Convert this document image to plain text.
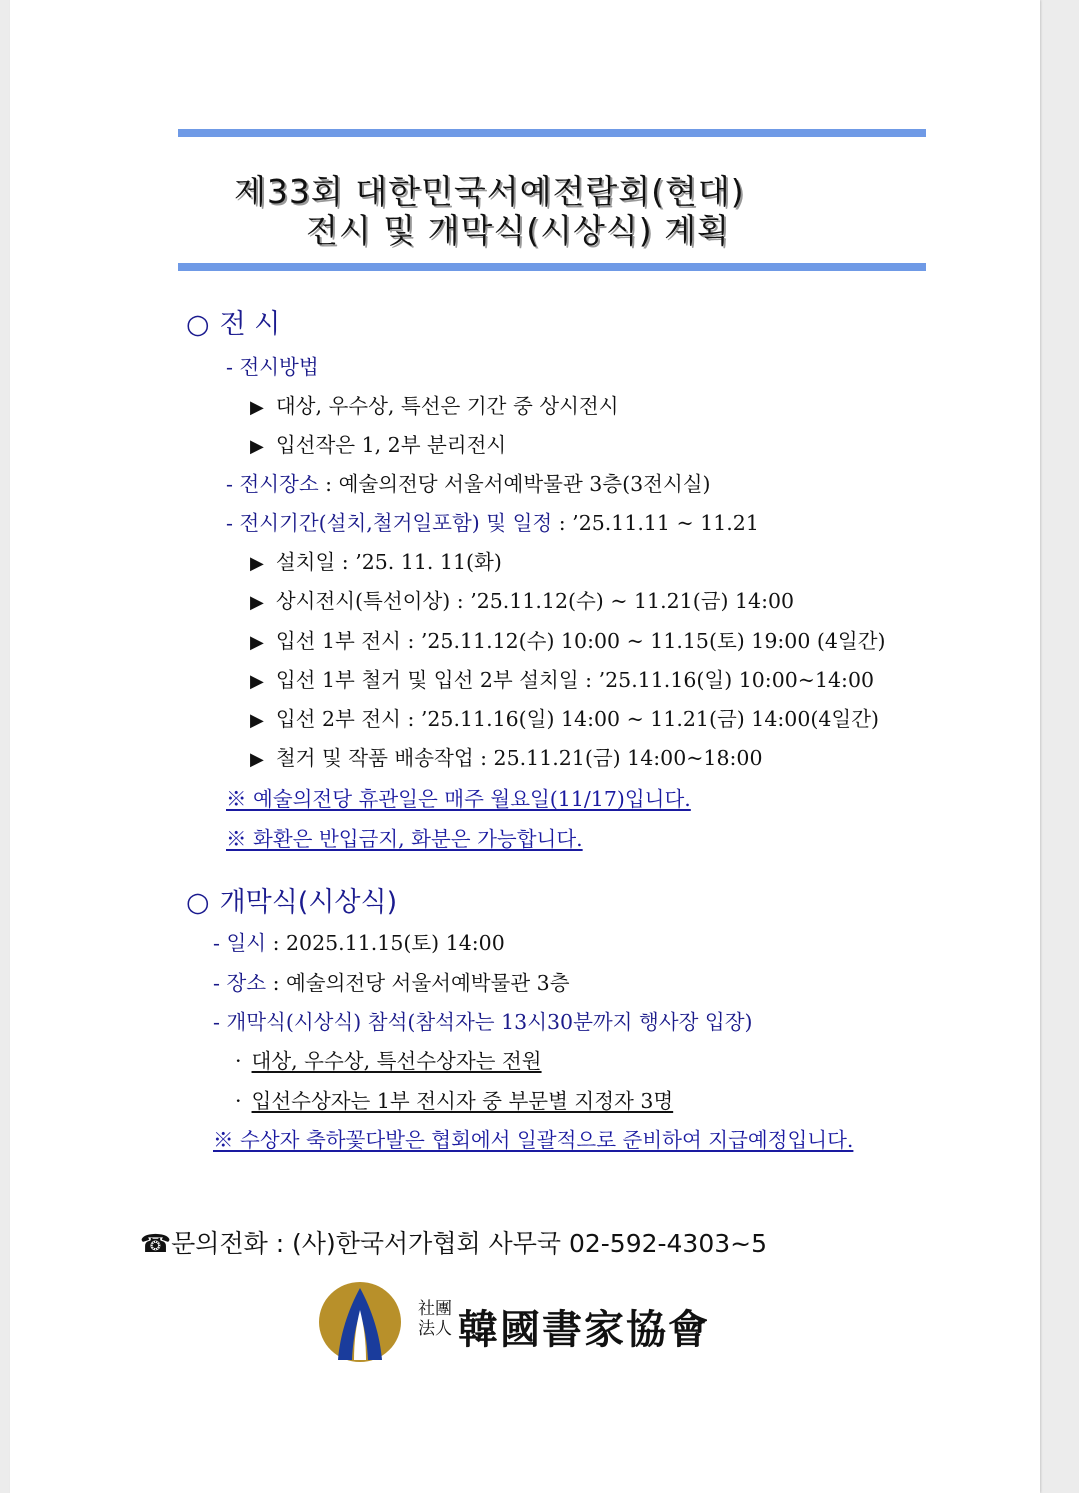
제33회 대한민국서예전람회(현대)
전시 및 개막식(시상식) 계획
○ 전 시
- 전시방법
▶ 대상, 우수상, 특선은 기간 중 상시전시
▶ 입선작은 1, 2부 분리전시
- 전시장소 : 예술의전당 서울서예박물관 3층(3전시실)
- 전시기간(설치,철거일포함) 및 일정 : ’25.11.11 ~ 11.21
▶ 설치일 : ’25. 11. 11(화)
▶ 상시전시(특선이상) : ’25.11.12(수) ~ 11.21(금) 14:00
▶ 입선 1부 전시 : ’25.11.12(수) 10:00 ~ 11.15(토) 19:00 (4일간)
▶ 입선 1부 철거 및 입선 2부 설치일 : ’25.11.16(일) 10:00~14:00
▶ 입선 2부 전시 : ’25.11.16(일) 14:00 ~ 11.21(금) 14:00(4일간)
▶ 철거 및 작품 배송작업 : 25.11.21(금) 14:00~18:00
※ 예술의전당 휴관일은 매주 월요일(11/17)입니다.
※ 화환은 반입금지, 화분은 가능합니다.
○ 개막식(시상식)
- 일시 : 2025.11.15(토) 14:00
- 장소 : 예술의전당 서울서예박물관 3층
- 개막식(시상식) 참석(참석자는 13시30분까지 행사장 입장)
· 대상, 우수상, 특선수상자는 전원
· 입선수상자는 1부 전시자 중 부문별 지정자 3명
※ 수상자 축하꽃다발은 협회에서 일괄적으로 준비하여 지급예정입니다.
☎문의전화 : (사)한국서가협회 사무국 02-592-4303~5
社團
法人 韓國書家協會
